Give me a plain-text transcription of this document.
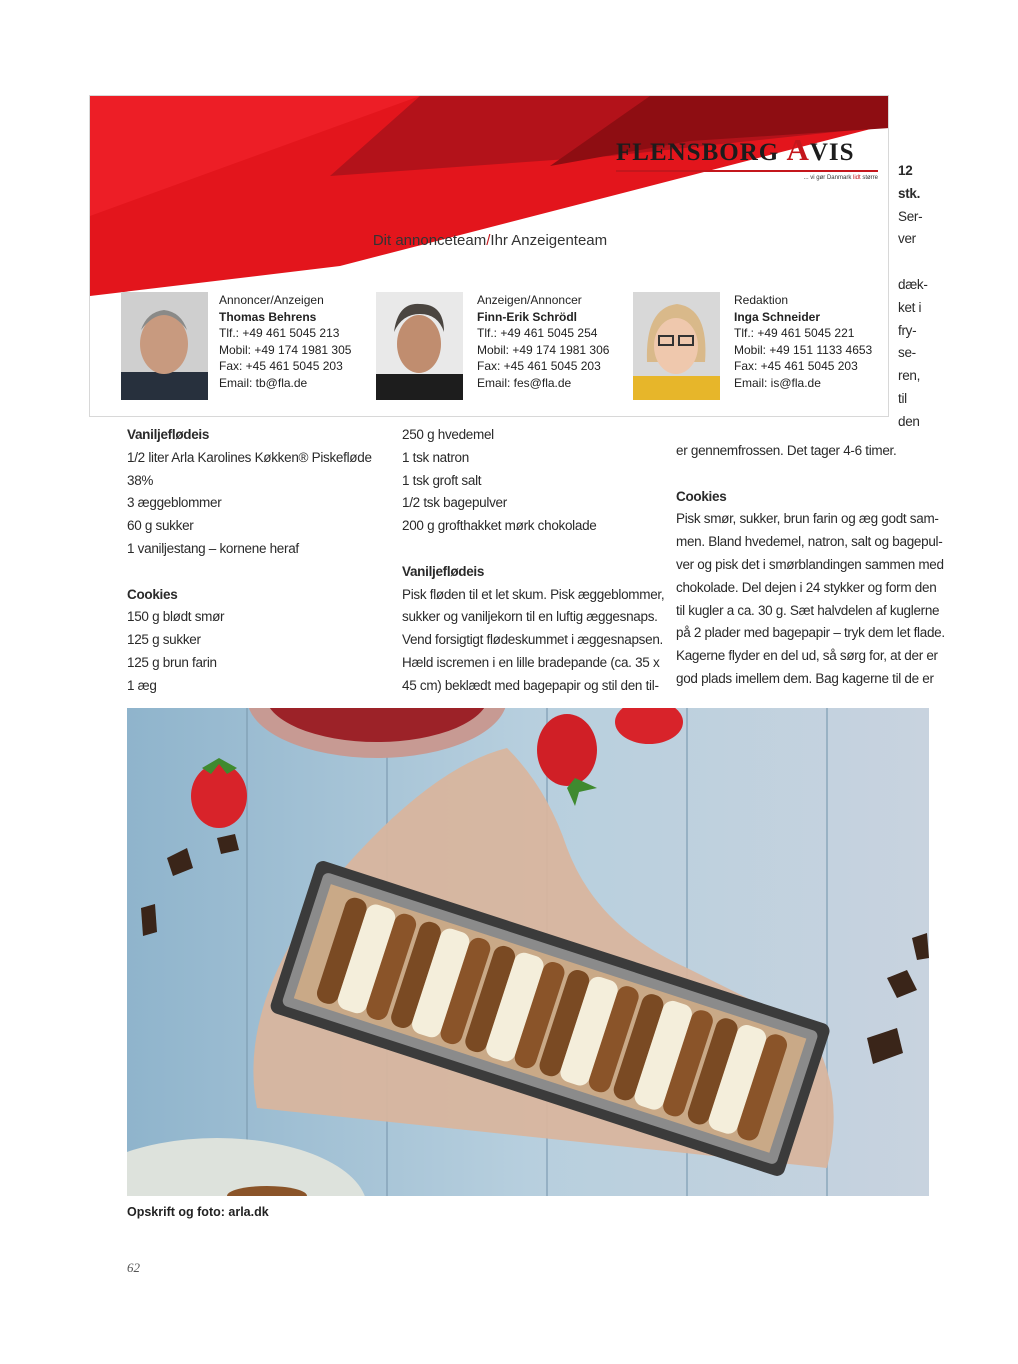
FLENSBORG AVIS
... vi gør Danmark lidt større
Dit annonceteam/Ihr Anzeigenteam
Annoncer/Anzeigen
Thomas Behrens
Tlf.: +49 461 5045 213
Mobil: +49 174 1981 305
Fax: +45 461 5045 203
Email: tb@fla.de
Anzeigen/Annoncer
Finn-Erik Schrödl
Tlf.: +49 461 5045 254
Mobil: +49 174 1981 306
Fax: +45 461 5045 203
Email: fes@fla.de
Redaktion
Inga Schneider
Tlf.: +49 461 5045 221
Mobil: +49 151 1133 4653
Fax: +45 461 5045 203
Email: is@fla.de
12
stk.
Ser-
ver
dæk-
ket i
fry-
se-
ren,
til
den
Vaniljeflødeis
1/2 liter Arla Karolines Køkken® Piskefløde
38%
3 æggeblommer
60 g sukker
1 vaniljestang – kornene heraf
Cookies
150 g blødt smør
125 g sukker
125 g brun farin
1 æg
250 g hvedemel
1 tsk natron
1 tsk groft salt
1/2 tsk bagepulver
200 g grofthakket mørk chokolade
Vaniljeflødeis
Pisk fløden til et let skum. Pisk æggeblommer,
sukker og vaniljekorn til en luftig æggesnaps.
Vend forsigtigt flødeskummet i æggesnapsen.
Hæld iscremen i en lille bradepande (ca. 35 x
45 cm) beklædt med bagepapir og stil den til-
er gennemfrossen. Det tager 4-6 timer.
Cookies
Pisk smør, sukker, brun farin og æg godt sam-
men. Bland hvedemel, natron, salt og bagepul-
ver og pisk det i smørblandingen sammen med
chokolade. Del dejen i 24 stykker og form den
til kugler a ca. 30 g. Sæt halvdelen af kuglerne
på 2 plader med bagepapir – tryk dem let flade.
Kagerne flyder en del ud, så sørg for, at der er
god plads imellem dem. Bag kagerne til de er
Opskrift og foto: arla.dk
62
